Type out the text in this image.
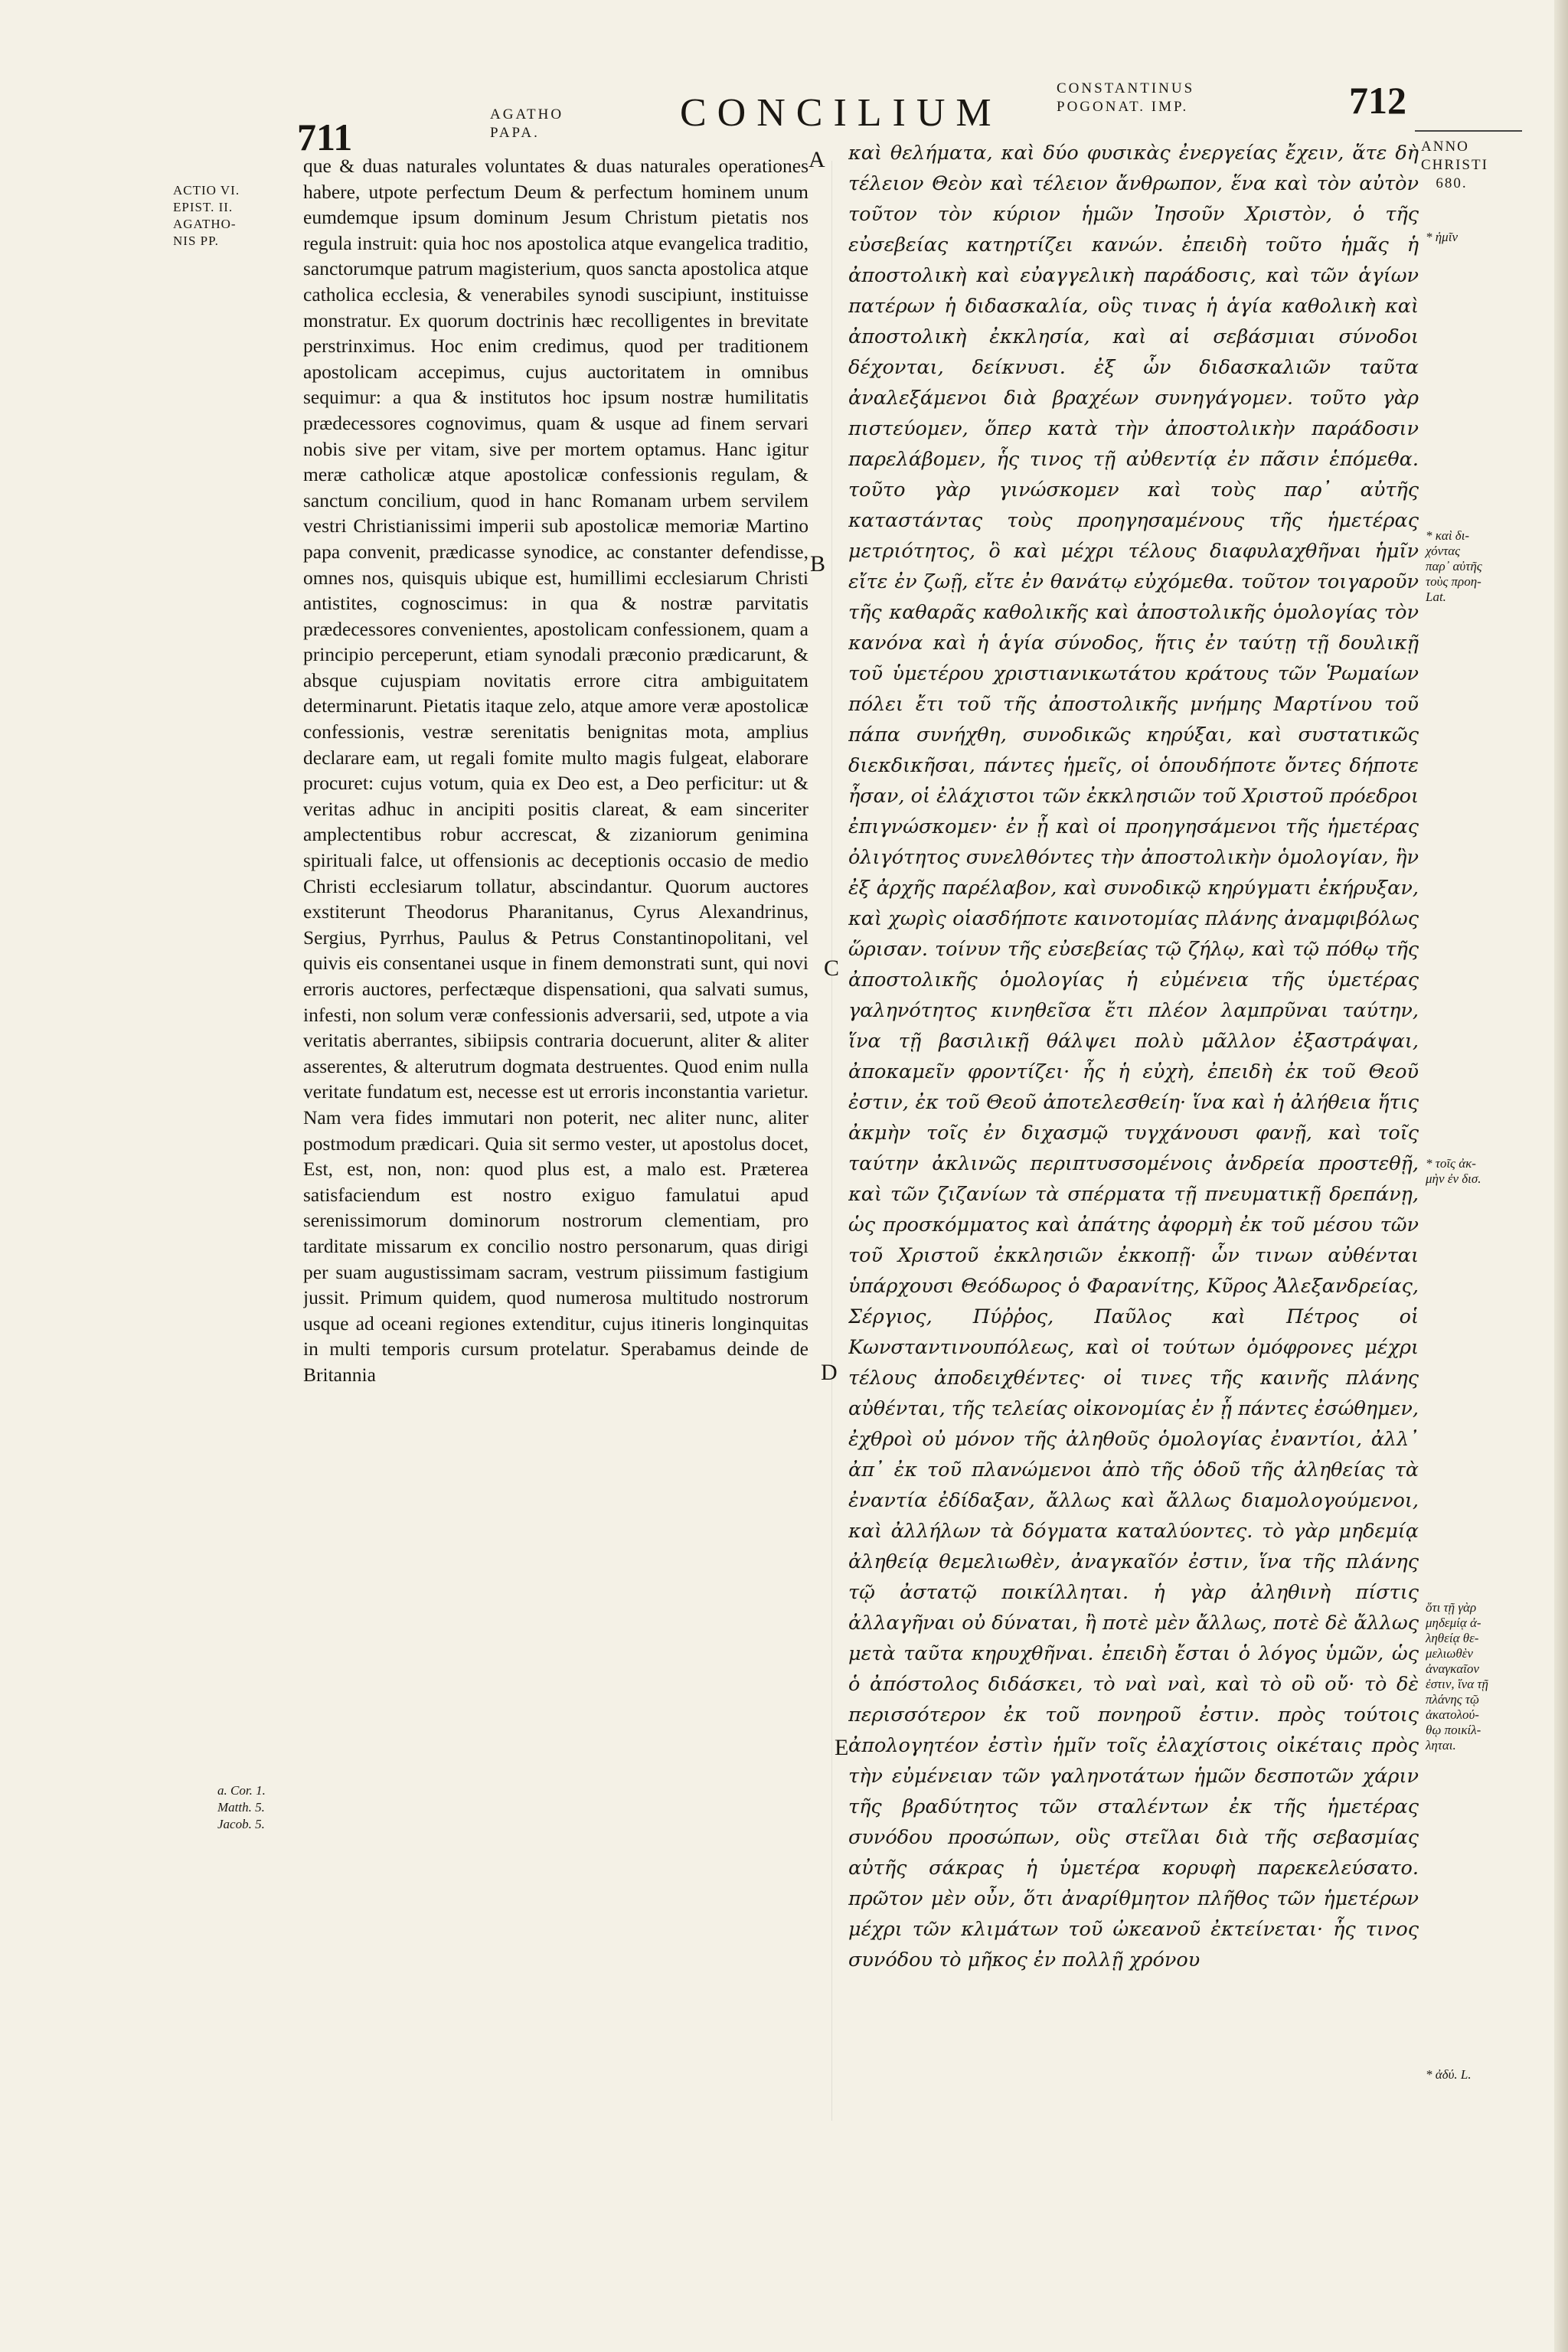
711
AGATHO
PAPA.	CONCILIUM
CONSTANTINUS
POGONAT. IMP.	712
ANNO
CHRISTI
680.
ACTIO VI.
EPIST. II.
AGATHO-
NIS PP.
a. Cor. 1.
Matth. 5.
Jacob. 5.

que & duas naturales voluntates & duas naturales operationes habere, utpote perfectum Deum & perfectum hominem unum eumdemque ipsum dominum Jesum Christum pietatis nos regula instruit: quia hoc nos apostolica atque evangelica traditio, sanctorumque patrum magisterium, quos sancta apostolica atque catholica ecclesia, & venerabiles synodi suscipiunt, instituisse monstratur. Ex quorum doctrinis hæc recolligentes in brevitate perstrinximus. Hoc enim credimus, quod per traditionem apostolicam accepimus, cujus auctoritatem in omnibus sequimur: a qua & institutos hoc ipsum nostræ humilitatis prædecessores cognovimus, quam & usque ad finem servari nobis sive per vitam, sive per mortem optamus. Hanc igitur meræ catholicæ atque apostolicæ confessionis regulam, & sanctum concilium, quod in hanc Romanam urbem servilem vestri Christianissimi imperii sub apostolicæ memoriæ Martino papa convenit, prædicasse synodice, ac constanter defendisse, omnes nos, quisquis ubique est, humillimi ecclesiarum Christi antistites, cognoscimus: in qua & nostræ parvitatis prædecessores convenientes, apostolicam confessionem, quam a principio perceperunt, etiam synodali præconio prædicarunt, & absque cujuspiam novitatis errore citra ambiguitatem determinarunt. Pietatis itaque zelo, atque amore veræ apostolicæ confessionis, vestræ serenitatis benignitas mota, amplius declarare eam, ut regali fomite multo magis fulgeat, elaborare procuret: cujus votum, quia ex Deo est, a Deo perficitur: ut & veritas adhuc in ancipiti positis clareat, & eam sinceriter amplectentibus robur accrescat, & zizaniorum genimina spirituali falce, ut offensionis ac deceptionis occasio de medio Christi ecclesiarum tollatur, abscindantur. Quorum auctores exstiterunt Theodorus Pharanitanus, Cyrus Alexandrinus, Sergius, Pyrrhus, Paulus & Petrus Constantinopolitani, vel quivis eis consentanei usque in finem demonstrati sunt, qui novi erroris auctores, perfectæque dispensationi, qua salvati sumus, infesti, non solum veræ confessionis adversarii, sed, utpote a via veritatis aberrantes, sibiipsis contraria docuerunt, aliter & aliter asserentes, & alterutrum dogmata destruentes. Quod enim nulla veritate fundatum est, necesse est ut erroris inconstantia varietur. Nam vera fides immutari non poterit, nec aliter nunc, aliter postmodum prædicari. Quia sit sermo vester, ut apostolus docet, Est, est, non, non: quod plus est, a malo est. Præterea satisfaciendum est nostro exiguo famulatui apud serenissimorum dominorum nostrorum clementiam, pro tarditate missarum ex concilio nostro personarum, quas dirigi per suam augustissimam sacram, vestrum piissimum fastigium jussit. Primum quidem, quod numerosa multitudo nostrorum usque ad oceani regiones extenditur, cujus itineris longinquitas in multi temporis cursum protelatur. Sperabamus deinde de Britannia

A
B
C
D
E

καὶ θελήματα, καὶ δύο φυσικὰς ἐνεργείας ἔχειν, ἅτε δὴ τέλειον Θεὸν καὶ τέλειον ἄνθρωπον, ἕνα καὶ τὸν αὐτὸν τοῦτον τὸν κύριον ἡμῶν Ἰησοῦν Χριστὸν, ὁ τῆς εὐσεβείας κατηρτίζει κανών. ἐπειδὴ τοῦτο ἡμᾶς ἡ ἀποστολικὴ καὶ εὐαγγελικὴ παράδοσις, καὶ τῶν ἁγίων πατέρων ἡ διδασκαλία, οὓς τινας ἡ ἁγία καθολικὴ καὶ ἀποστολικὴ ἐκκλησία, καὶ αἱ σεβάσμιαι σύνοδοι δέχονται, δείκνυσι. ἐξ ὧν διδασκαλιῶν ταῦτα ἀναλεξάμενοι διὰ βραχέων συνηγάγομεν. τοῦτο γὰρ πιστεύομεν, ὅπερ κατὰ τὴν ἀποστολικὴν παράδοσιν παρελάβομεν, ἧς τινος τῇ αὐθεντίᾳ ἐν πᾶσιν ἑπόμεθα. τοῦτο γὰρ γινώσκομεν καὶ τοὺς παρ᾽ αὐτῆς καταστάντας τοὺς προηγησαμένους τῆς ἡμετέρας μετριότητος, ὃ καὶ μέχρι τέλους διαφυλαχθῆναι ἡμῖν εἴτε ἐν ζωῇ, εἴτε ἐν θανάτῳ εὐχόμεθα. τοῦτον τοιγαροῦν τῆς καθαρᾶς καθολικῆς καὶ ἀποστολικῆς ὁμολογίας τὸν κανόνα καὶ ἡ ἁγία σύνοδος, ἥτις ἐν ταύτῃ τῇ δουλικῇ τοῦ ὑμετέρου χριστιανικωτάτου κράτους τῶν Ῥωμαίων πόλει ἔτι τοῦ τῆς ἀποστολικῆς μνήμης Μαρτίνου τοῦ πάπα συνήχθη, συνοδικῶς κηρύξαι, καὶ συστατικῶς διεκδικῆσαι, πάντες ἡμεῖς, οἱ ὁπουδήποτε ὄντες δήποτε ἦσαν, οἱ ἐλάχιστοι τῶν ἐκκλησιῶν τοῦ Χριστοῦ πρόεδροι ἐπιγνώσκομεν· ἐν ᾗ καὶ οἱ προηγησάμενοι τῆς ἡμετέρας ὀλιγότητος συνελθόντες τὴν ἀποστολικὴν ὁμολογίαν, ἣν ἐξ ἀρχῆς παρέλαβον, καὶ συνοδικῷ κηρύγματι ἐκήρυξαν, καὶ χωρὶς οἱασδήποτε καινοτομίας πλάνης ἀναμφιβόλως ὥρισαν. τοίνυν τῆς εὐσεβείας τῷ ζήλῳ, καὶ τῷ πόθῳ τῆς ἀποστολικῆς ὁμολογίας ἡ εὐμένεια τῆς ὑμετέρας γαληνότητος κινηθεῖσα ἔτι πλέον λαμπρῦναι ταύτην, ἵνα τῇ βασιλικῇ θάλψει πολὺ μᾶλλον ἐξαστράψαι, ἀποκαμεῖν φροντίζει· ἧς ἡ εὐχὴ, ἐπειδὴ ἐκ τοῦ Θεοῦ ἐστιν, ἐκ τοῦ Θεοῦ ἀποτελεσθείη· ἵνα καὶ ἡ ἀλήθεια ἥτις ἀκμὴν τοῖς ἐν διχασμῷ τυγχάνουσι φανῇ, καὶ τοῖς ταύτην ἀκλινῶς περιπτυσσομένοις ἀνδρεία προστεθῇ, καὶ τῶν ζιζανίων τὰ σπέρματα τῇ πνευματικῇ δρεπάνῃ, ὡς προσκόμματος καὶ ἀπάτης ἀφορμὴ ἐκ τοῦ μέσου τῶν τοῦ Χριστοῦ ἐκκλησιῶν ἐκκοπῇ· ὧν τινων αὐθένται ὑπάρχουσι Θεόδωρος ὁ Φαρανίτης, Κῦρος Ἀλεξανδρείας, Σέργιος, Πύῤῥος, Παῦλος καὶ Πέτρος οἱ Κωνσταντινουπόλεως, καὶ οἱ τούτων ὁμόφρονες μέχρι τέλους ἀποδειχθέντες· οἱ τινες τῆς καινῆς πλάνης αὐθένται, τῆς τελείας οἰκονομίας ἐν ᾗ πάντες ἐσώθημεν, ἐχθροὶ οὐ μόνον τῆς ἀληθοῦς ὁμολογίας ἐναντίοι, ἀλλ᾽ ἀπ᾽ ἐκ τοῦ πλανώμενοι ἀπὸ τῆς ὁδοῦ τῆς ἀληθείας τὰ ἐναντία ἐδίδαξαν, ἄλλως καὶ ἄλλως διαμολογούμενοι, καὶ ἀλλήλων τὰ δόγματα καταλύοντες. τὸ γὰρ μηδεμίᾳ ἀληθείᾳ θεμελιωθὲν, ἀναγκαῖόν ἐστιν, ἵνα τῆς πλάνης τῷ ἀστατῷ ποικίλληται. ἡ γὰρ ἀληθινὴ πίστις ἀλλαγῆναι οὐ δύναται, ἢ ποτὲ μὲν ἄλλως, ποτὲ δὲ ἄλλως μετὰ ταῦτα κηρυχθῆναι. ἐπειδὴ ἔσται ὁ λόγος ὑμῶν, ὡς ὁ ἀπόστολος διδάσκει, τὸ ναὶ ναὶ, καὶ τὸ οὒ οὔ· τὸ δὲ περισσότερον ἐκ τοῦ πονηροῦ ἐστιν. πρὸς τούτοις ἀπολογητέον ἐστὶν ἡμῖν τοῖς ἐλαχίστοις οἰκέταις πρὸς τὴν εὐμένειαν τῶν γαληνοτάτων ἡμῶν δεσποτῶν χάριν τῆς βραδύτητος τῶν σταλέντων ἐκ τῆς ἡμετέρας συνόδου προσώπων, οὓς στεῖλαι διὰ τῆς σεβασμίας αὐτῆς σάκρας ἡ ὑμετέρα κορυφὴ παρεκελεύσατο. πρῶτον μὲν οὖν, ὅτι ἀναρίθμητον πλῆθος τῶν ἡμετέρων μέχρι τῶν κλιμάτων τοῦ ὠκεανοῦ ἐκτείνεται· ἧς τινος συνόδου τὸ μῆκος ἐν πολλῇ χρόνου

* ἡμῖν
* καὶ δι-
χόντας
παρ᾽ αὐτῆς
τοὺς προη-
Lat.
* τοῖς ἀκ-
μὴν ἐν δισ.
ὅτι τῇ γὰρ
μηδεμίᾳ ἀ-
ληθείᾳ θε-
μελιωθὲν
ἀναγκαῖον
ἐστιν, ἵνα τῇ
πλάνης τῷ
ἀκατολού-
θῳ ποικίλ-
ληται.
* ἀδύ. L.
